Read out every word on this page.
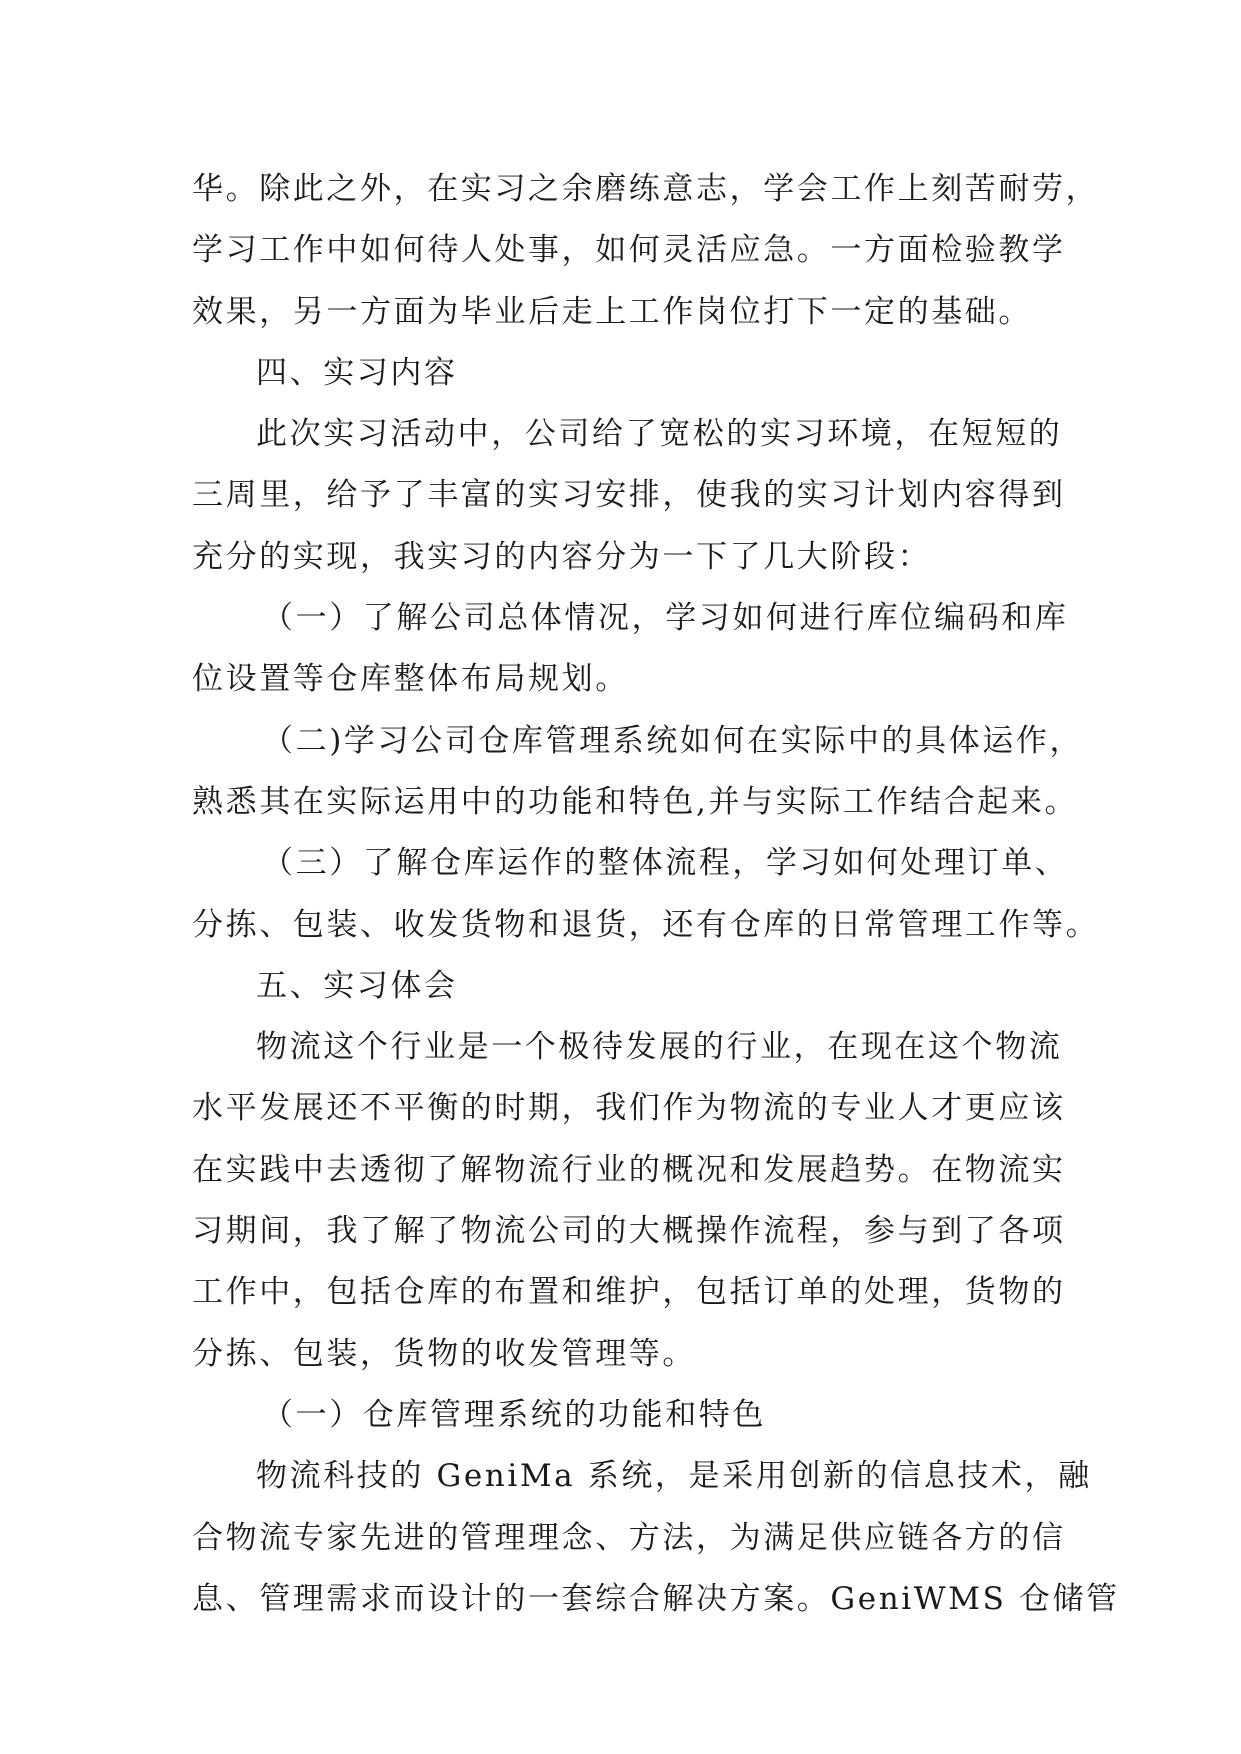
华。除此之外，在实习之余磨练意志，学会工作上刻苦耐劳，
学习工作中如何待人处事，如何灵活应急。一方面检验教学
效果，另一方面为毕业后走上工作岗位打下一定的基础。
四、实习内容
此次实习活动中，公司给了宽松的实习环境，在短短的
三周里，给予了丰富的实习安排，使我的实习计划内容得到
充分的实现，我实习的内容分为一下了几大阶段：
（一）了解公司总体情况，学习如何进行库位编码和库
位设置等仓库整体布局规划。
（二)学习公司仓库管理系统如何在实际中的具体运作，
熟悉其在实际运用中的功能和特色,并与实际工作结合起来。
（三）了解仓库运作的整体流程，学习如何处理订单、
分拣、包装、收发货物和退货，还有仓库的日常管理工作等。
五、实习体会
物流这个行业是一个极待发展的行业，在现在这个物流
水平发展还不平衡的时期，我们作为物流的专业人才更应该
在实践中去透彻了解物流行业的概况和发展趋势。在物流实
习期间，我了解了物流公司的大概操作流程，参与到了各项
工作中，包括仓库的布置和维护，包括订单的处理，货物的
分拣、包装，货物的收发管理等。
（一）仓库管理系统的功能和特色
物流科技的 GeniMa 系统，是采用创新的信息技术，融
合物流专家先进的管理理念、方法，为满足供应链各方的信
息、管理需求而设计的一套综合解决方案。GeniWMS 仓储管
